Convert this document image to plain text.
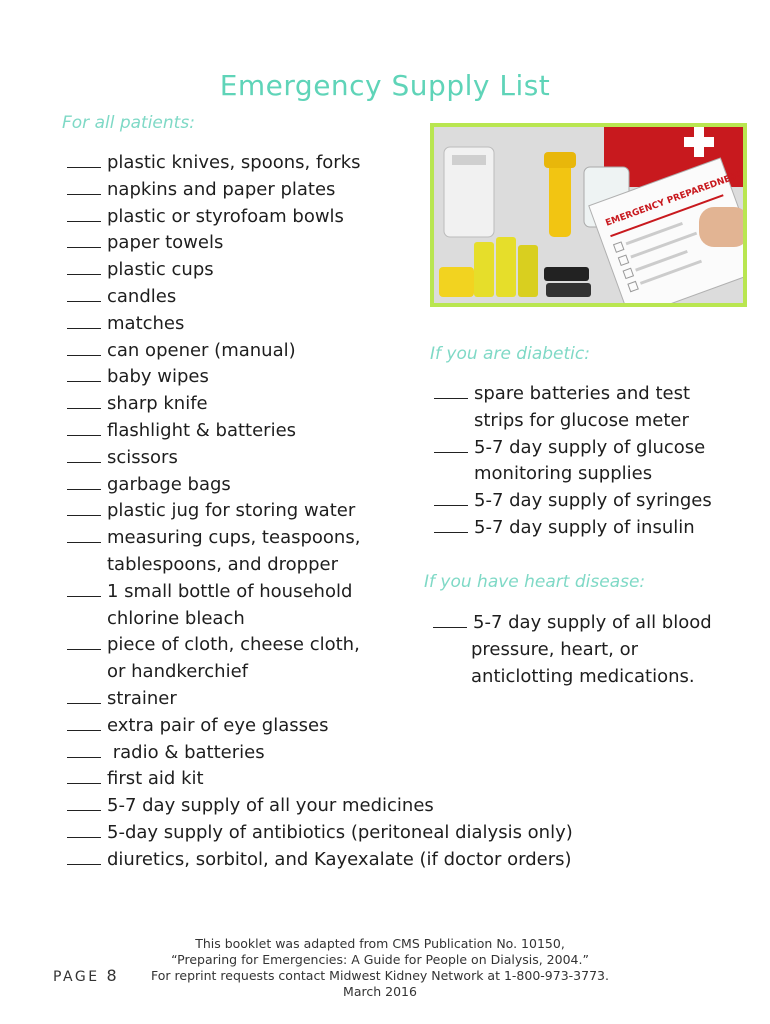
Emergency Supply List
For all patients:
plastic knives, spoons, forks
napkins and paper plates
plastic or styrofoam bowls
paper towels
plastic cups
candles
matches
can opener (manual)
baby wipes
sharp knife
flashlight & batteries
scissors
garbage bags
plastic jug for storing water
measuring cups, teaspoons,
tablespoons, and dropper
1 small bottle of household
chlorine bleach
piece of cloth, cheese cloth,
or handkerchief
strainer
extra pair of eye glasses
radio & batteries
first aid kit
5-7 day supply of all your medicines
5-day supply of antibiotics (peritoneal dialysis only)
diuretics, sorbitol, and Kayexalate (if doctor orders)
If you are diabetic:
spare batteries and test
strips for glucose meter
5-7 day supply of glucose
monitoring supplies
5-7 day supply of syringes
5-7 day supply of insulin
If you have heart disease:
5-7 day supply of all blood
pressure, heart, or
anticlotting medications.
PAGE 8
This booklet was adapted from CMS Publication No. 10150,
“Preparing for Emergencies: A Guide for People on Dialysis, 2004.”
For reprint requests contact Midwest Kidney Network at 1-800-973-3773.
March 2016
